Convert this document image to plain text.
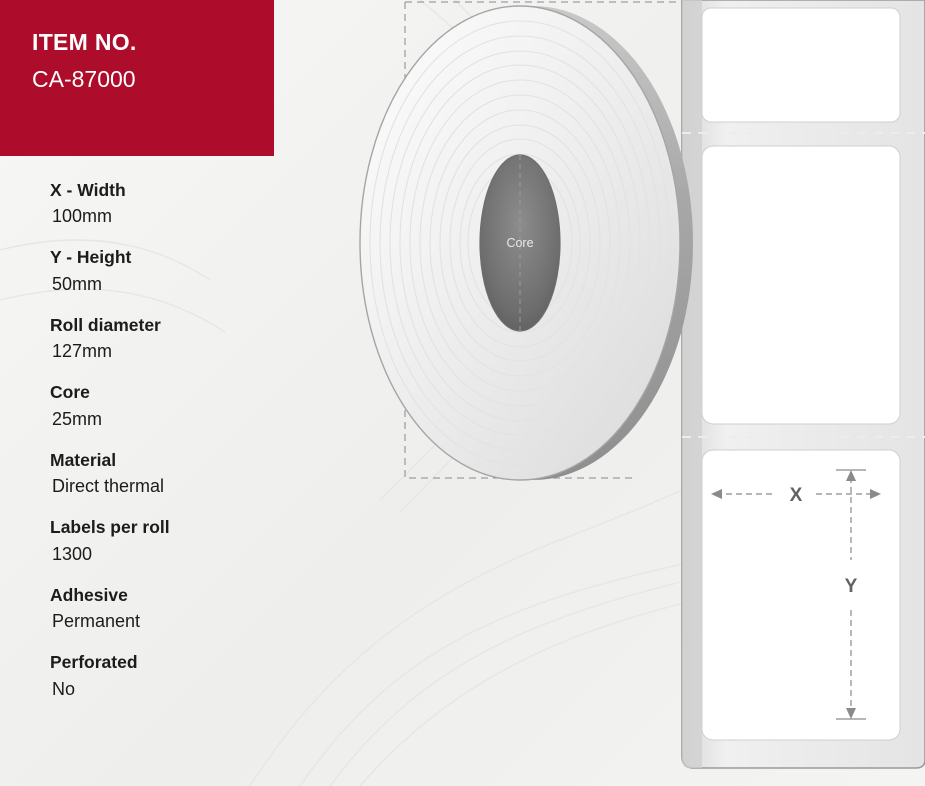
ITEM NO.
CA-87000
X - Width
100mm
Y - Height
50mm
Roll diameter
127mm
Core
25mm
Material
Direct thermal
Labels per roll
1300
Adhesive
Permanent
Perforated
No
Core
X
Y
